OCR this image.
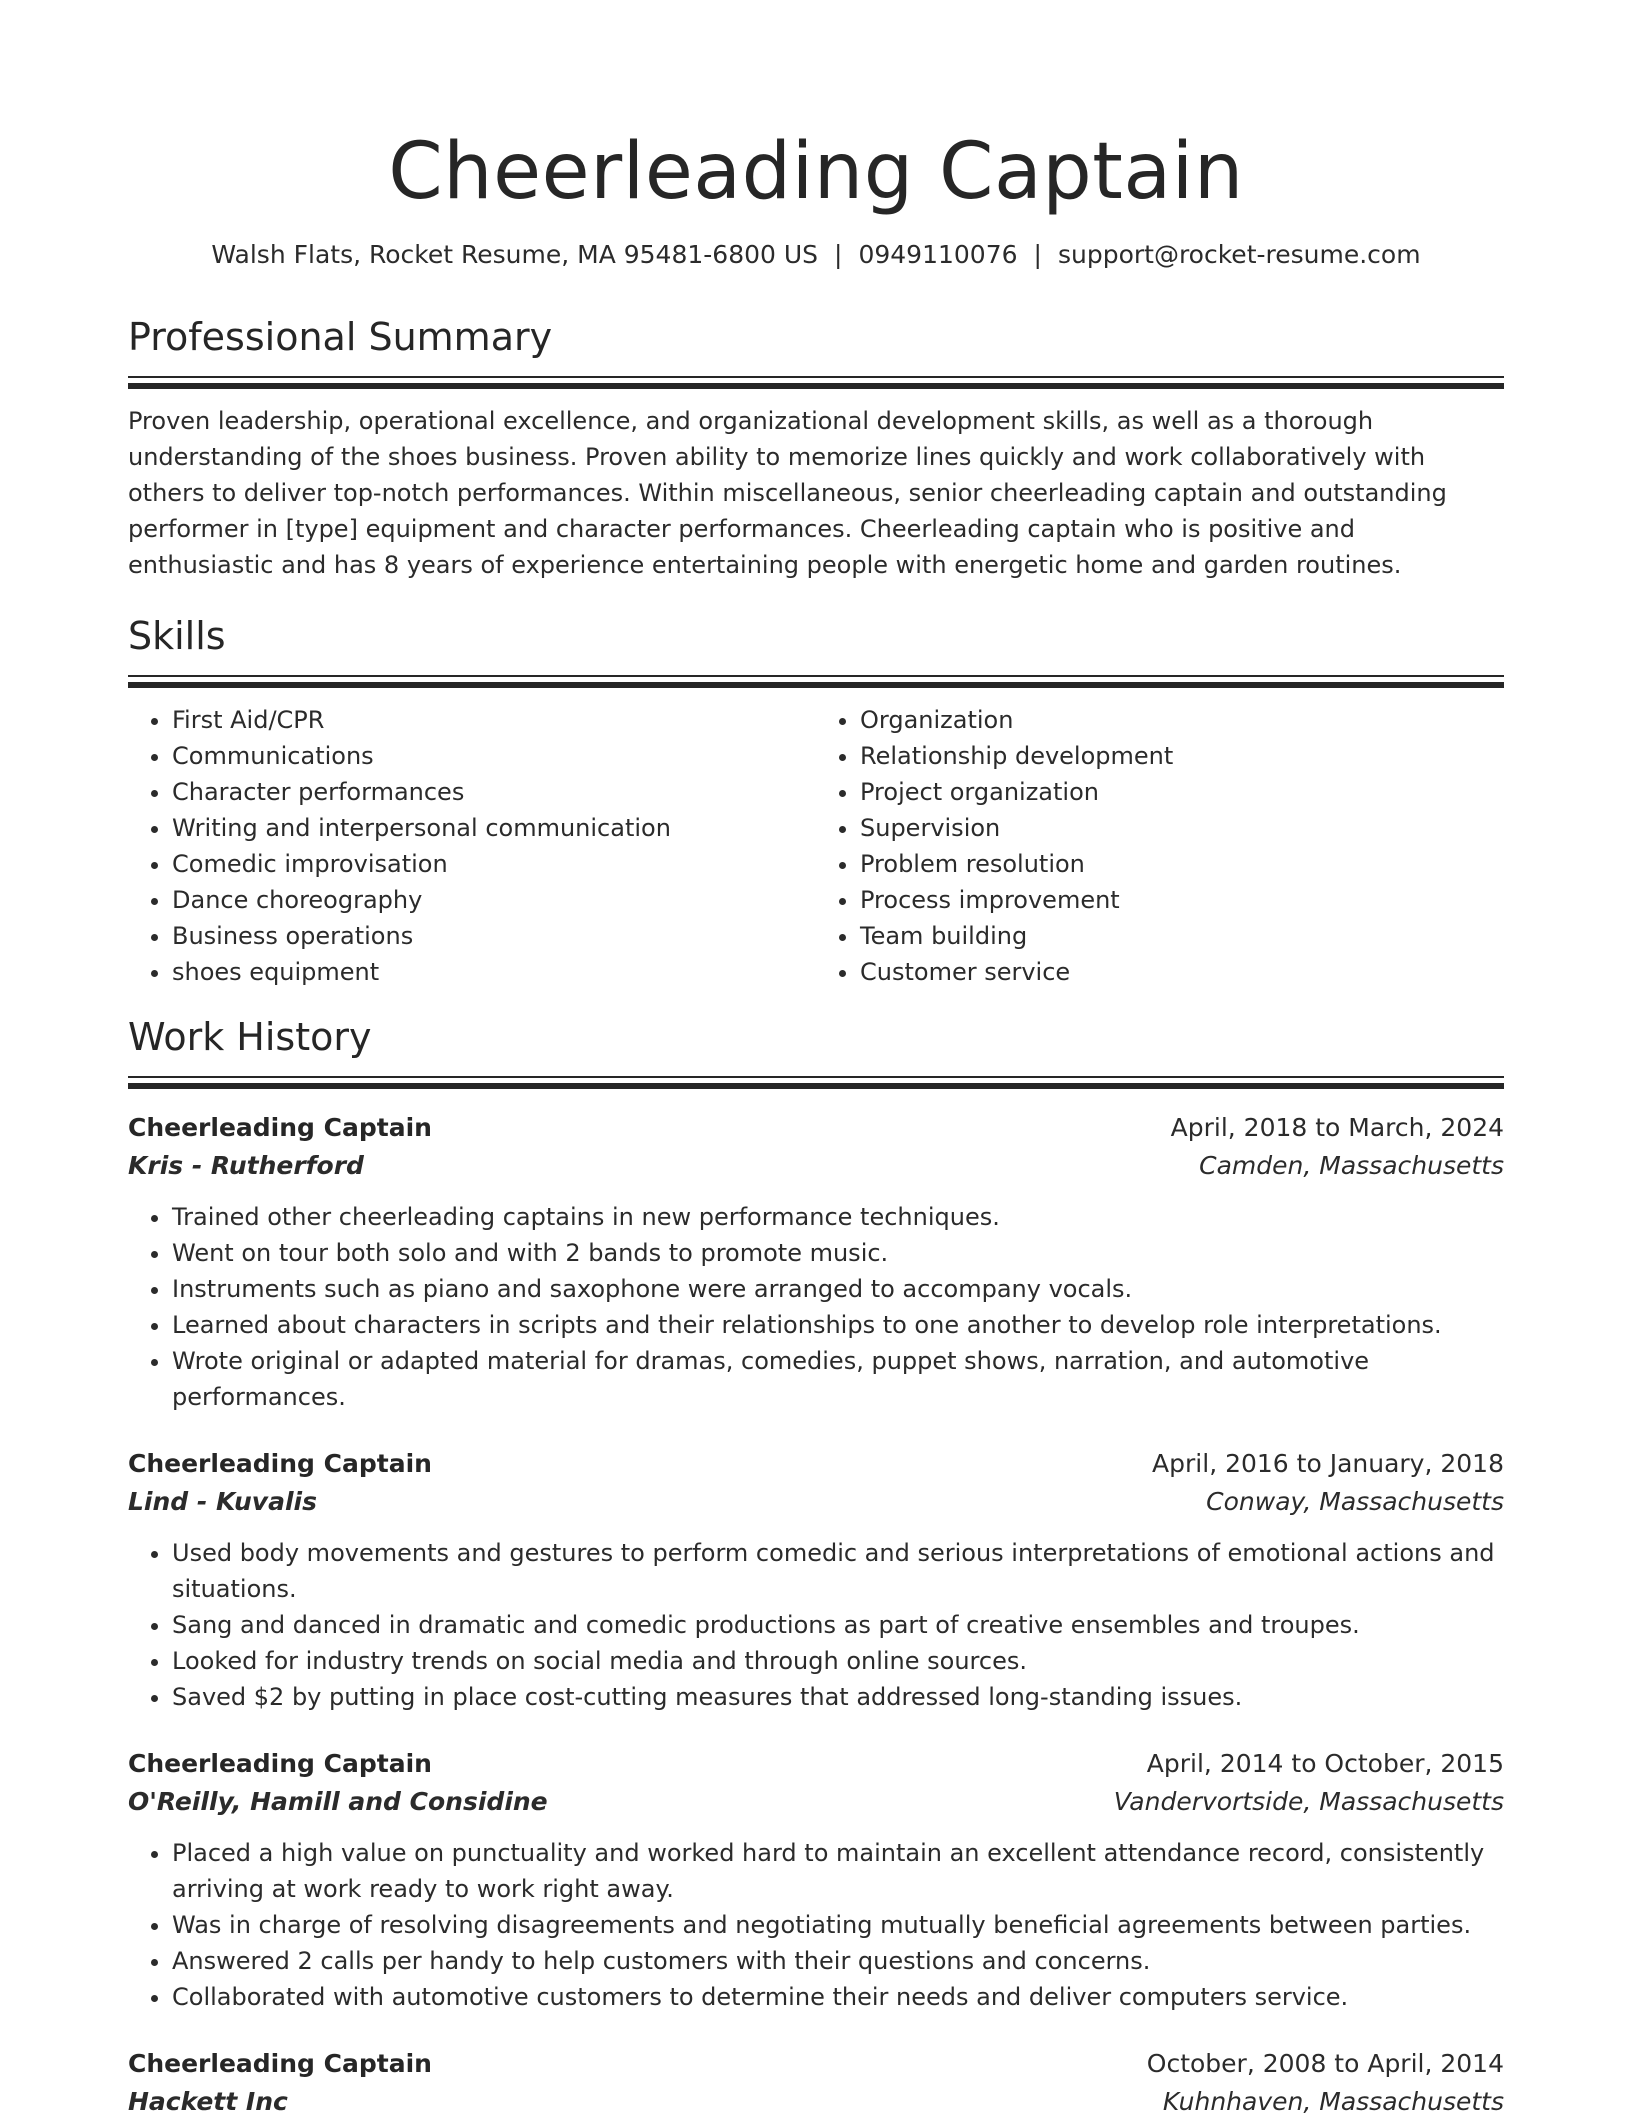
Cheerleading Captain
Walsh Flats, Rocket Resume, MA 95481-6800 US | 0949110076 | support@rocket-resume.com
Professional Summary

Proven leadership, operational excellence, and organizational development skills, as well as a thorough understanding of the shoes business. Proven ability to memorize lines quickly and work collaboratively with others to deliver top-notch performances. Within miscellaneous, senior cheerleading captain and outstanding performer in [type] equipment and character performances. Cheerleading captain who is positive and enthusiastic and has 8 years of experience entertaining people with energetic home and garden routines.

Skills
• First Aid/CPR
• Communications
• Character performances
• Writing and interpersonal communication
• Comedic improvisation
• Dance choreography
• Business operations
• shoes equipment
• Organization
• Relationship development
• Project organization
• Supervision
• Problem resolution
• Process improvement
• Team building
• Customer service
Work History
Cheerleading Captain	April, 2018 to March, 2024
Kris - Rutherford	Camden, Massachusetts
• Trained other cheerleading captains in new performance techniques.
• Went on tour both solo and with 2 bands to promote music.
• Instruments such as piano and saxophone were arranged to accompany vocals.
• Learned about characters in scripts and their relationships to one another to develop role interpretations.
• Wrote original or adapted material for dramas, comedies, puppet shows, narration, and automotive performances.
Cheerleading Captain	April, 2016 to January, 2018
Lind - Kuvalis	Conway, Massachusetts
• Used body movements and gestures to perform comedic and serious interpretations of emotional actions and situations.
• Sang and danced in dramatic and comedic productions as part of creative ensembles and troupes.
• Looked for industry trends on social media and through online sources.
• Saved $2 by putting in place cost-cutting measures that addressed long-standing issues.
Cheerleading Captain	April, 2014 to October, 2015
O'Reilly, Hamill and Considine	Vandervortside, Massachusetts
• Placed a high value on punctuality and worked hard to maintain an excellent attendance record, consistently arriving at work ready to work right away.
• Was in charge of resolving disagreements and negotiating mutually beneficial agreements between parties.
• Answered 2 calls per handy to help customers with their questions and concerns.
• Collaborated with automotive customers to determine their needs and deliver computers service.
Cheerleading Captain	October, 2008 to April, 2014
Hackett Inc	Kuhnhaven, Massachusetts
